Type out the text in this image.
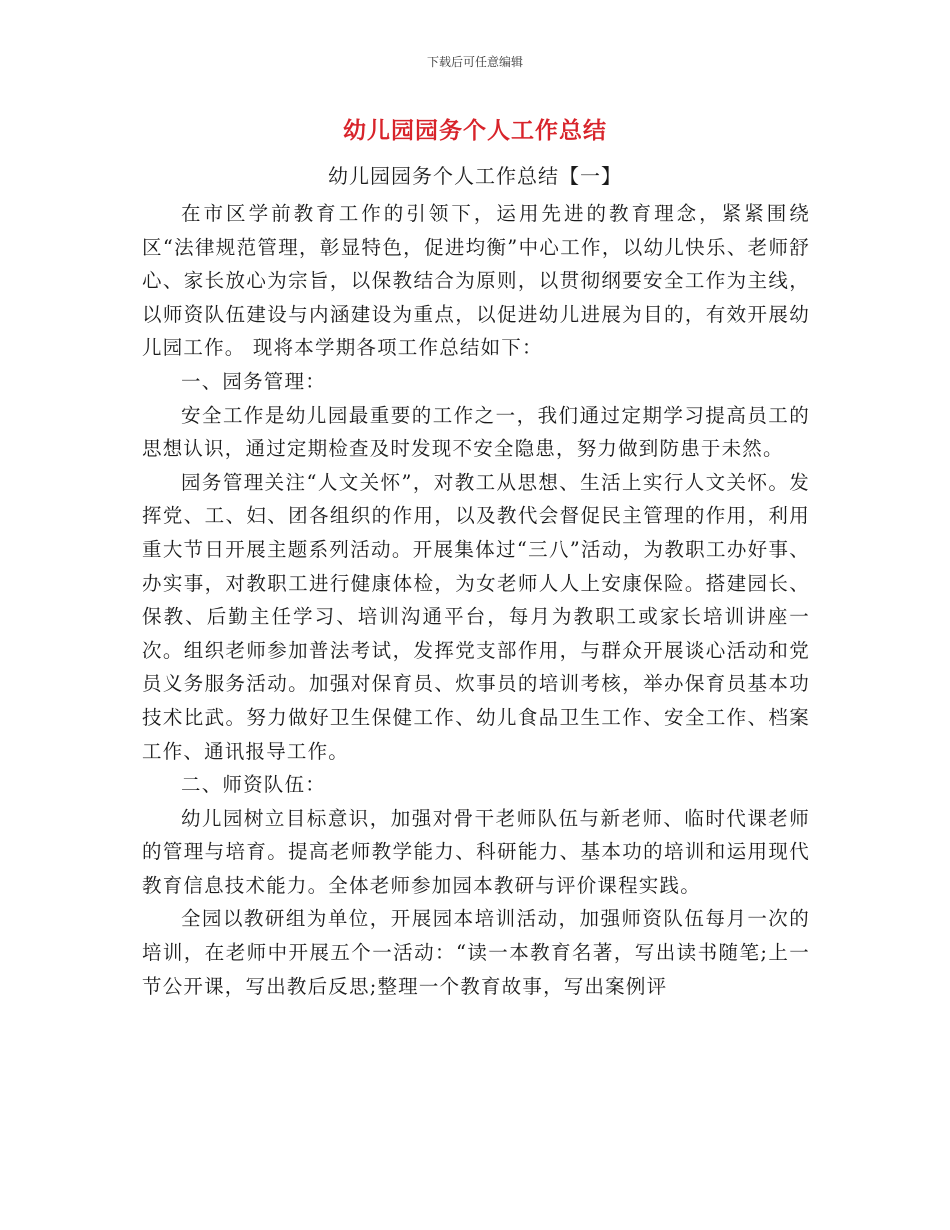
下载后可任意编辑
幼儿园园务个人工作总结
幼儿园园务个人工作总结【一】

在市区学前教育工作的引领下，运用先进的教育理念，紧紧围绕区“法律规范管理，彰显特色，促进均衡”中心工作，以幼儿快乐、老师舒心、家长放心为宗旨，以保教结合为原则，以贯彻纲要安全工作为主线，以师资队伍建设与内涵建设为重点，以促进幼儿进展为目的，有效开展幼儿园工作。 现将本学期各项工作总结如下：

一、园务管理：

安全工作是幼儿园最重要的工作之一，我们通过定期学习提高员工的思想认识，通过定期检查及时发现不安全隐患，努力做到防患于未然。

园务管理关注“人文关怀”，对教工从思想、生活上实行人文关怀。发挥党、工、妇、团各组织的作用，以及教代会督促民主管理的作用，利用重大节日开展主题系列活动。开展集体过“三八”活动，为教职工办好事、办实事，对教职工进行健康体检，为女老师人人上安康保险。搭建园长、保教、后勤主任学习、培训沟通平台，每月为教职工或家长培训讲座一次。组织老师参加普法考试，发挥党支部作用，与群众开展谈心活动和党员义务服务活动。加强对保育员、炊事员的培训考核，举办保育员基本功技术比武。努力做好卫生保健工作、幼儿食品卫生工作、安全工作、档案工作、通讯报导工作。

二、师资队伍：

幼儿园树立目标意识，加强对骨干老师队伍与新老师、临时代课老师的管理与培育。提高老师教学能力、科研能力、基本功的培训和运用现代教育信息技术能力。全体老师参加园本教研与评价课程实践。

全园以教研组为单位，开展园本培训活动，加强师资队伍每月一次的培训，在老师中开展五个一活动：“读一本教育名著，写出读书随笔;上一节公开课，写出教后反思;整理一个教育故事，写出案例评
